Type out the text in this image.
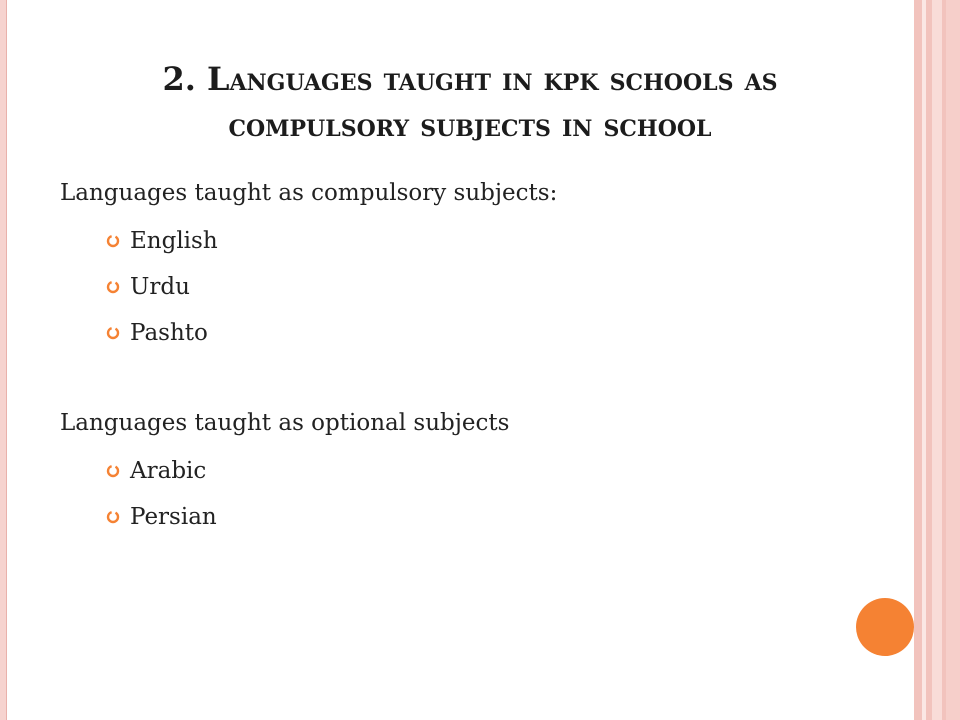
2. Languages taught in kpk schools as
compulsory subjects in school
Languages taught as compulsory subjects:
English
Urdu
Pashto
Languages taught as optional subjects
Arabic
Persian
